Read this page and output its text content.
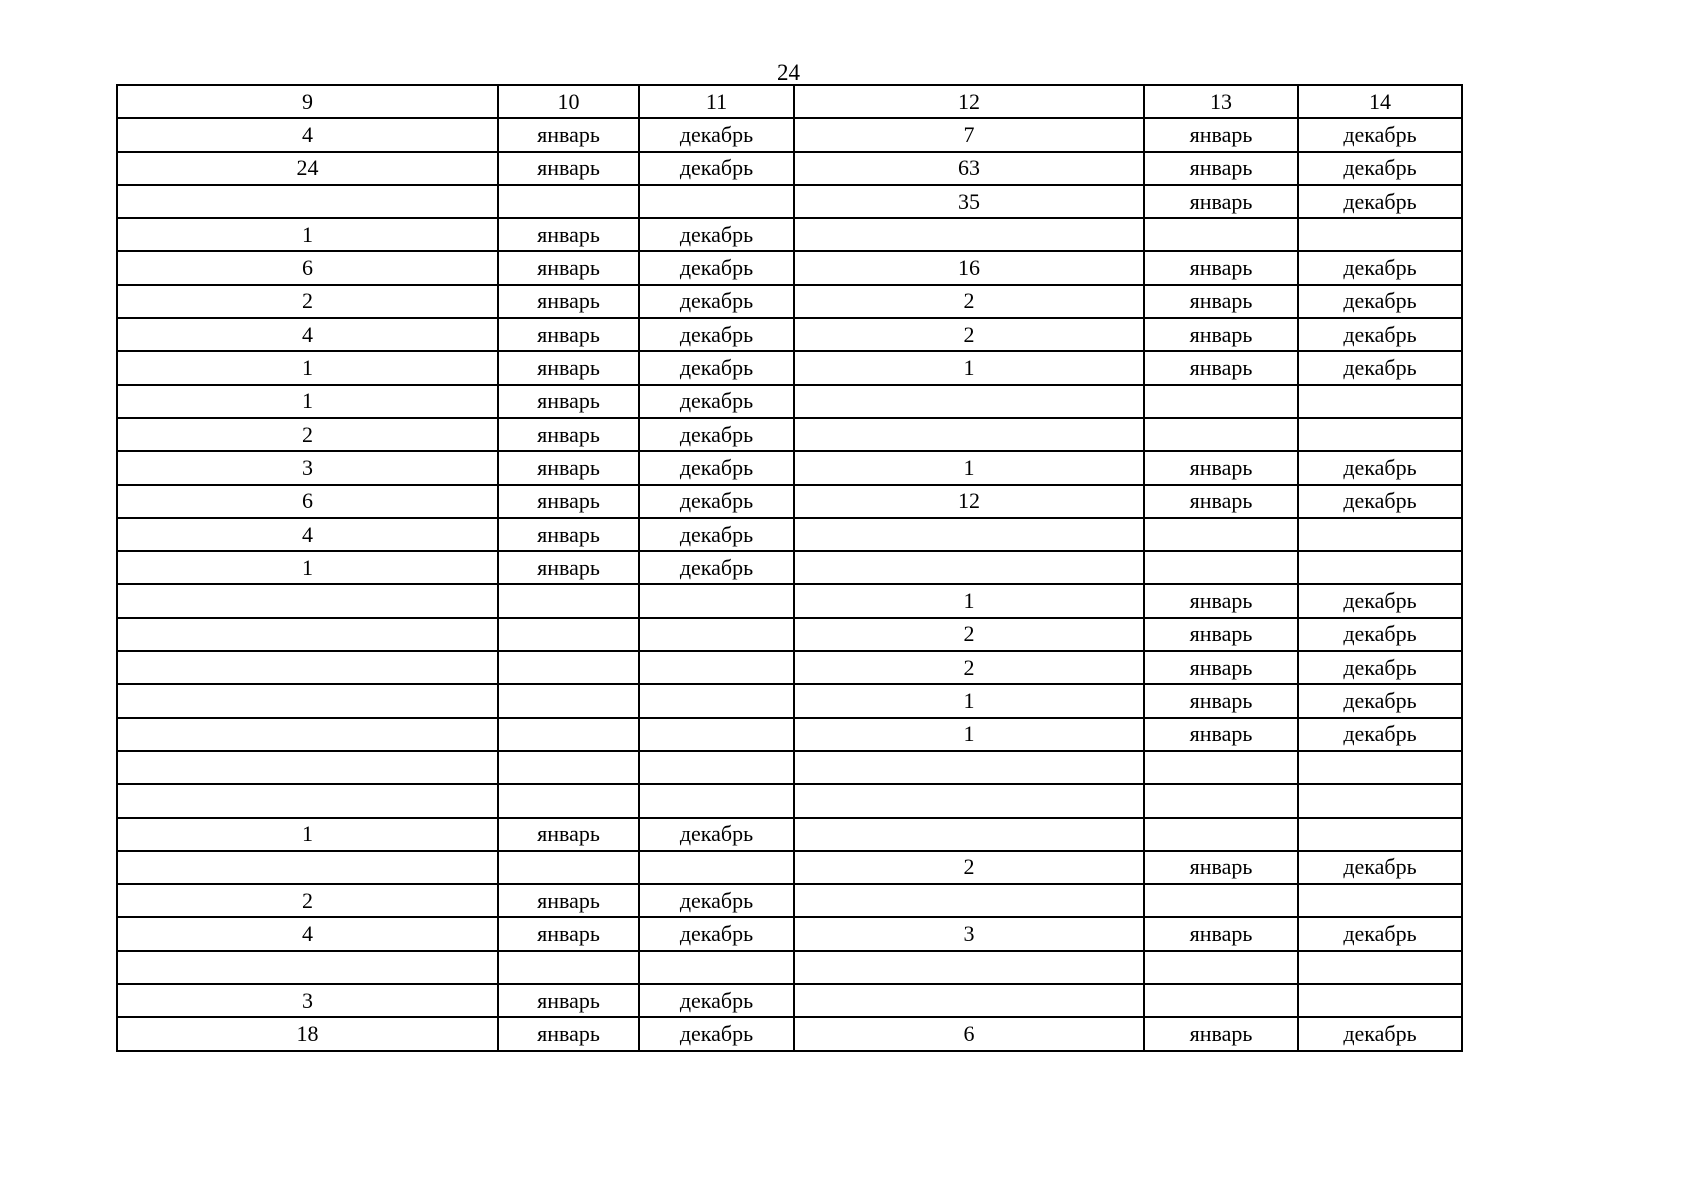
24
9	10	11	12	13	14
4	январь	декабрь	7	январь	декабрь
24	январь	декабрь	63	январь	декабрь
			35	январь	декабрь
1	январь	декабрь			
6	январь	декабрь	16	январь	декабрь
2	январь	декабрь	2	январь	декабрь
4	январь	декабрь	2	январь	декабрь
1	январь	декабрь	1	январь	декабрь
1	январь	декабрь			
2	январь	декабрь			
3	январь	декабрь	1	январь	декабрь
6	январь	декабрь	12	январь	декабрь
4	январь	декабрь			
1	январь	декабрь			
			1	январь	декабрь
			2	январь	декабрь
			2	январь	декабрь
			1	январь	декабрь
			1	январь	декабрь

1	январь	декабрь			
			2	январь	декабрь
2	январь	декабрь			
4	январь	декабрь	3	январь	декабрь

3	январь	декабрь			
18	январь	декабрь	6	январь	декабрь
